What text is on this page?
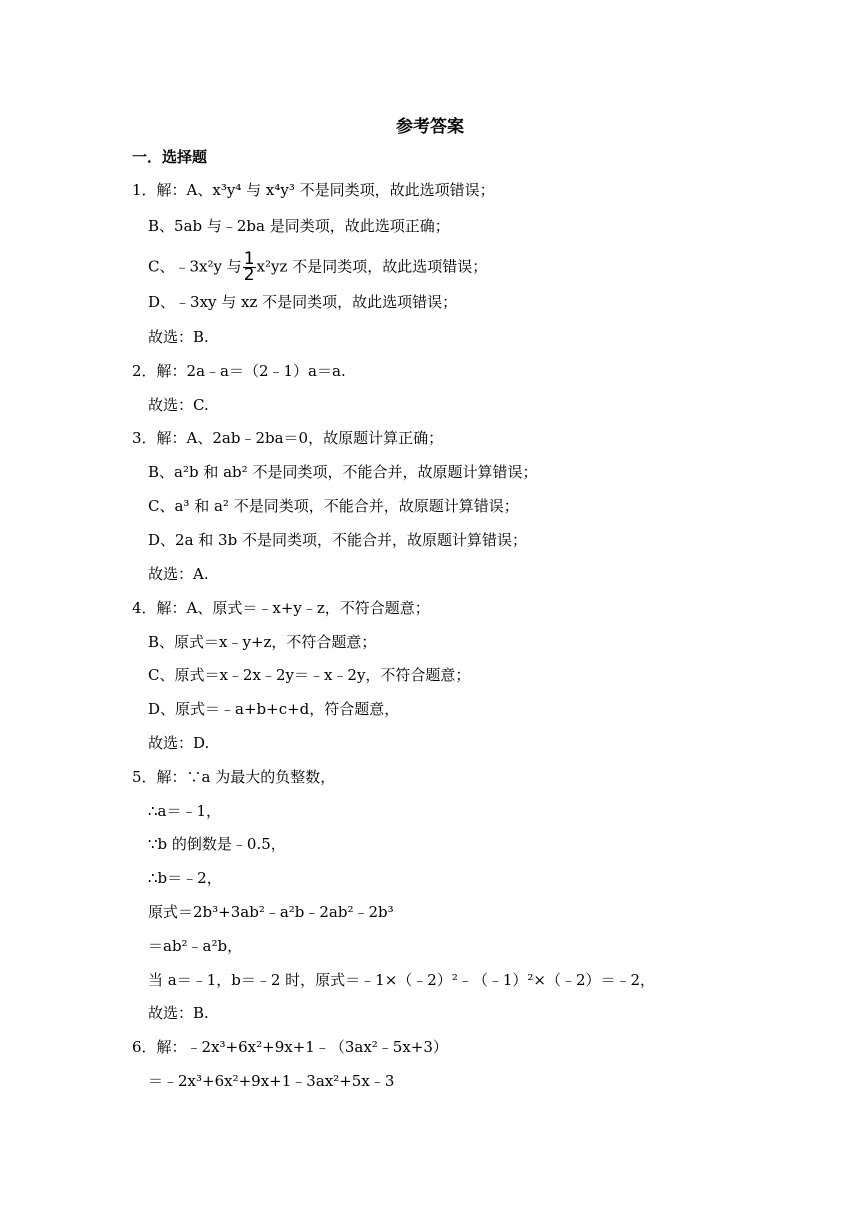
参考答案
一．选择题
1．解：A、x³y⁴ 与 x⁴y³ 不是同类项，故此选项错误；
B、5ab 与﹣2ba 是同类项，故此选项正确；
C、﹣3x²y 与 $\frac{1}{2} x^2yz$ 不是同类项，故此选项错误；
D、﹣3xy 与 xz 不是同类项，故此选项错误；
故选：B.
2．解：2a﹣a＝（2﹣1）a＝a.
故选：C.
3．解：A、2ab﹣2ba＝0，故原题计算正确；
B、a²b 和 ab² 不是同类项，不能合并，故原题计算错误；
C、a³ 和 a² 不是同类项，不能合并，故原题计算错误；
D、2a 和 3b 不是同类项，不能合并，故原题计算错误；
故选：A.
4．解：A、原式＝﹣x+y﹣z，不符合题意；
B、原式＝x﹣y+z，不符合题意；
C、原式＝x﹣2x﹣2y＝﹣x﹣2y，不符合题意；
D、原式＝﹣a+b+c+d，符合题意，
故选：D.
5．解：∵a 为最大的负整数，
∴a＝﹣1，
∵b 的倒数是﹣0.5，
∴b＝﹣2，
原式＝2b³+3ab²﹣a²b﹣2ab²﹣2b³
＝ab²﹣a²b，
当 a＝﹣1，b＝﹣2 时，原式＝﹣1×（﹣2）²﹣（﹣1）²×（﹣2）＝﹣2，
故选：B.
6．解：﹣2x³+6x²+9x+1﹣（3ax²﹣5x+3）
＝﹣2x³+6x²+9x+1﹣3ax²+5x﹣3
